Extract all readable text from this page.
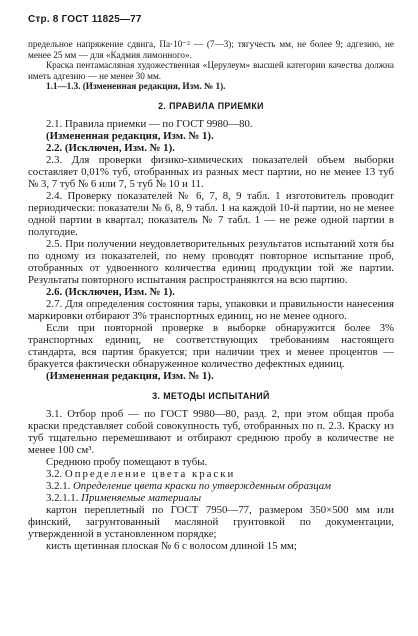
Стр. 8 ГОСТ 11825—77

предельное напряжение сдвига, Па·10⁻² — (7—3); тягучесть мм, не более 9; адгезию, не менее 25 мм — для «Кадмия лимонного».

Краска пентамасляная художественная «Церулеум» высшей категории качества должна иметь адгезию — не менее 30 мм.

1.1—1.3. (Измененная редакция, Изм. № 1).

2. ПРАВИЛА ПРИЕМКИ

2.1. Правила приемки — по ГОСТ 9980—80.

(Измененная редакция, Изм. № 1).

2.2. (Исключен, Изм. № 1).

2.3. Для проверки физико-химических показателей объем выборки составляет 0,01% туб, отобранных из разных мест партии, но не менее 13 туб № 3, 7 туб № 6 или 7, 5 туб № 10 и 11.

2.4. Проверку показателей № 6, 7, 8, 9 табл. 1 изготовитель проводит периодически: показатели № 6, 8, 9 табл. 1 на каждой 10-й партии, но не менее одной партии в квартал; показатель № 7 табл. 1 — не реже одной партии в полугодие.

2.5. При получении неудовлетворительных результатов испытаний хотя бы по одному из показателей, по нему проводят повторное испытание проб, отобранных от удвоенного количества единиц продукции той же партии. Результаты повторного испытания распространяются на всю партию.

2.6. (Исключен, Изм. № 1).

2.7. Для определения состояния тары, упаковки и правильности нанесения маркировки отбирают 3% транспортных единиц, но не менее одного.

Если при повторной проверке в выборке обнаружится более 3% транспортных единиц, не соответствующих требованиям настоящего стандарта, вся партия бракуется; при наличии трех и менее процентов — бракуется фактически обнаруженное количество дефектных единиц.

(Измененная редакция, Изм. № 1).

3. МЕТОДЫ ИСПЫТАНИЙ

3.1. Отбор проб — по ГОСТ 9980—80, разд. 2, при этом общая проба краски представляет собой совокупность туб, отобранных по п. 2.3. Краску из туб тщательно перемешивают и отбирают среднюю пробу в количестве не менее 100 см³.

Среднюю пробу помещают в тубы.

3.2. Определение цвета краски

3.2.1. Определение цвета краски по утвержденным образцам

3.2.1.1. Применяемые материалы

картон переплетный по ГОСТ 7950—77, размером 350×500 мм или финский, загрунтованный масляной грунтовкой по документации, утвержденной в установленном порядке;

кисть щетинная плоская № 6 с волосом длиной 15 мм;
